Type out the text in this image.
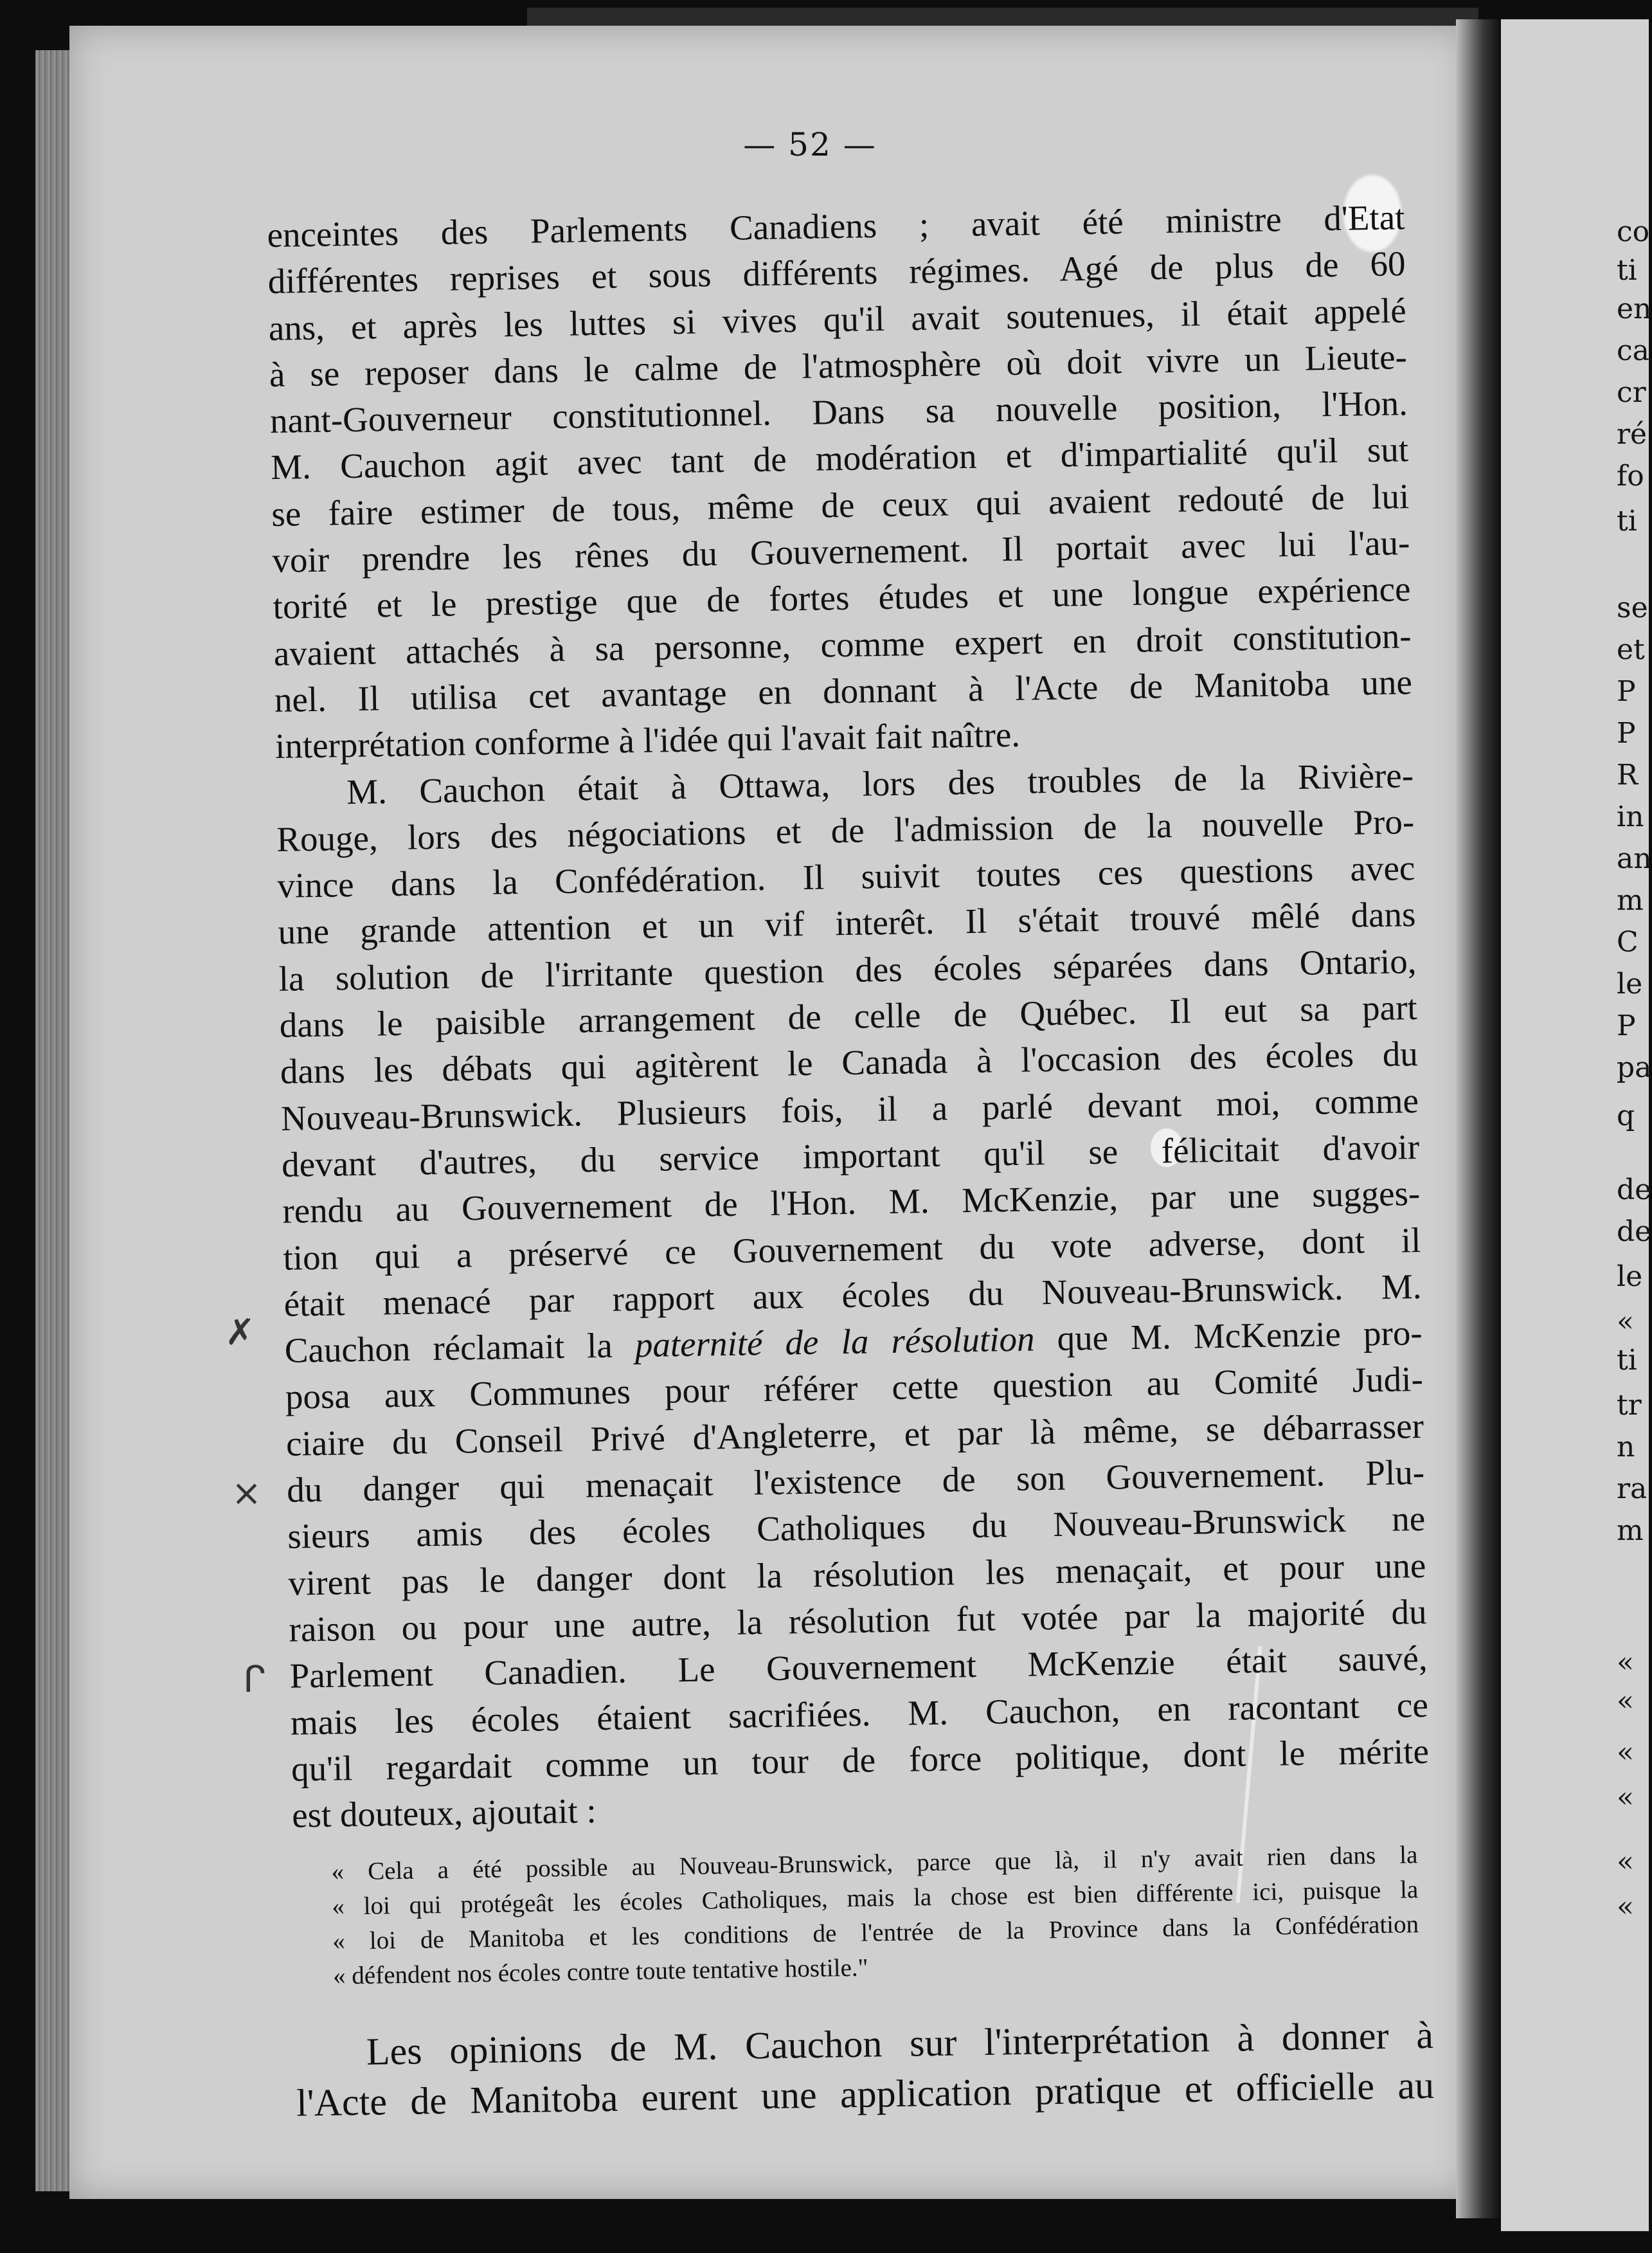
co
ti
en
ca
cr
ré
fo
ti
se
et
P
P
R
in
an
m
C
le
P
pa
q
de
de
le
«
ti
tr
n
ra
m
«
«
«
«
«
«
— 52 —
✗
×
ᒋ
enceintes des Parlements Canadiens ; avait été ministre d'Etat
différentes reprises et sous différents régimes. Agé de plus de 60
ans, et après les luttes si vives qu'il avait soutenues, il était appelé
à se reposer dans le calme de l'atmosphère où doit vivre un Lieute-
nant-Gouverneur constitutionnel. Dans sa nouvelle position, l'Hon.
M. Cauchon agit avec tant de modération et d'impartialité qu'il sut
se faire estimer de tous, même de ceux qui avaient redouté de lui
voir prendre les rênes du Gouvernement. Il portait avec lui l'au-
torité et le prestige que de fortes études et une longue expérience
avaient attachés à sa personne, comme expert en droit constitution-
nel. Il utilisa cet avantage en donnant à l'Acte de Manitoba une
interprétation conforme à l'idée qui l'avait fait naître.
M. Cauchon était à Ottawa, lors des troubles de la Rivière-
Rouge, lors des négociations et de l'admission de la nouvelle Pro-
vince dans la Confédération. Il suivit toutes ces questions avec
une grande attention et un vif interêt. Il s'était trouvé mêlé dans
la solution de l'irritante question des écoles séparées dans Ontario,
dans le paisible arrangement de celle de Québec. Il eut sa part
dans les débats qui agitèrent le Canada à l'occasion des écoles du
Nouveau-Brunswick. Plusieurs fois, il a parlé devant moi, comme
devant d'autres, du service important qu'il se félicitait d'avoir
rendu au Gouvernement de l'Hon. M. McKenzie, par une sugges-
tion qui a préservé ce Gouvernement du vote adverse, dont il
était menacé par rapport aux écoles du Nouveau-Brunswick. M.
Cauchon réclamait la paternité de la résolution que M. McKenzie pro-
posa aux Communes pour référer cette question au Comité Judi-
ciaire du Conseil Privé d'Angleterre, et par là même, se débarrasser
du danger qui menaçait l'existence de son Gouvernement. Plu-
sieurs amis des écoles Catholiques du Nouveau-Brunswick ne
virent pas le danger dont la résolution les menaçait, et pour une
raison ou pour une autre, la résolution fut votée par la majorité du
Parlement Canadien. Le Gouvernement McKenzie était sauvé,
mais les écoles étaient sacrifiées. M. Cauchon, en racontant ce
qu'il regardait comme un tour de force politique, dont le mérite
est douteux, ajoutait :
« Cela a été possible au Nouveau-Brunswick, parce que là, il n'y avait rien dans la
« loi qui protégeât les écoles Catholiques, mais la chose est bien différente ici, puisque la
« loi de Manitoba et les conditions de l'entrée de la Province dans la Confédération
« défendent nos écoles contre toute tentative hostile."
Les opinions de M. Cauchon sur l'interprétation à donner à
l'Acte de Manitoba eurent une application pratique et officielle au
